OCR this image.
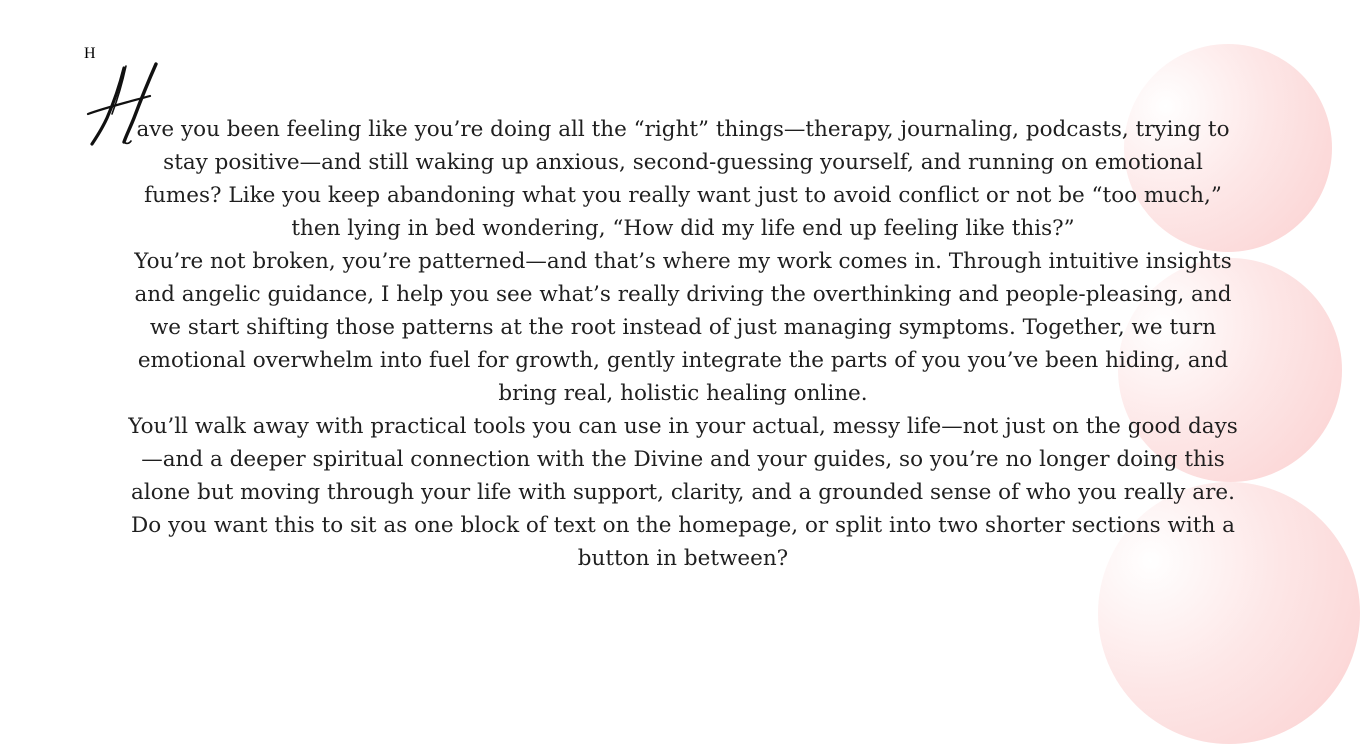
H

ave you been feeling like you’re doing all the “right” things—therapy, journaling, podcasts, trying to stay positive—and still waking up anxious, second-guessing yourself, and running on emotional fumes? Like you keep abandoning what you really want just to avoid conflict or not be “too much,” then lying in bed wondering, “How did my life end up feeling like this?”

You’re not broken, you’re patterned—and that’s where my work comes in. Through intuitive insights and angelic guidance, I help you see what’s really driving the overthinking and people-pleasing, and we start shifting those patterns at the root instead of just managing symptoms. Together, we turn emotional overwhelm into fuel for growth, gently integrate the parts of you you’ve been hiding, and bring real, holistic healing online.

You’ll walk away with practical tools you can use in your actual, messy life—not just on the good days—and a deeper spiritual connection with the Divine and your guides, so you’re no longer doing this alone but moving through your life with support, clarity, and a grounded sense of who you really are.

Do you want this to sit as one block of text on the homepage, or split into two shorter sections with a button in between?
